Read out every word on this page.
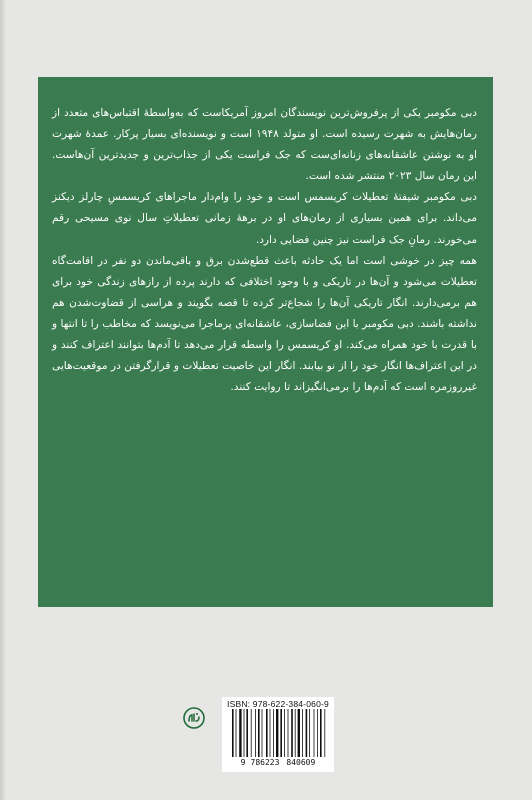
دبی مکومبر یکی از پرفروش‌ترین نویسندگان امروز آمریکاست که به‌واسطهٔ اقتباس‌های متعدد از رمان‌هایش به شهرت رسیده است. او متولد ۱۹۴۸ است و نویسنده‌ای بسیار پرکار. عمدهٔ شهرت او به نوشتن عاشقانه‌های زنانه‌ای‌ست که جک فراست یکی از جذاب‌ترین و جدیدترین آن‌هاست. این رمان سال ۲۰۲۳ منتشر شده است.

دبی مکومبر شیفتهٔ تعطیلات کریسمس است و خود را وام‌دار ماجراهای کریسمسِ چارلز دیکنز می‌داند. برای همین بسیاری از رمان‌های او در برههٔ زمانی تعطیلاتِ سال نوی مسیحی رقم می‌خورند. رمانِ جک فراست نیز چنین فضایی دارد.

همه چیز در خوشی است اما یک حادثه باعث قطع‌شدن برق و باقی‌ماندن دو نفر در اقامت‌گاه تعطیلات می‌شود و آن‌ها در تاریکی و با وجود اختلافی که دارند پرده از رازهای زندگی خود برای هم برمی‌دارند. انگار تاریکی آن‌ها را شجاع‌تر کرده تا قصه بگویند و هراسی از قضاوت‌شدن هم نداشته باشند. دبی مکومبر با این فضاسازی، عاشقانه‌ای پرماجرا می‌نویسد که مخاطب را تا انتها و با قدرت با خود همراه می‌کند. او کریسمس را واسطه قرار می‌دهد تا آدم‌ها بتوانند اعتراف کنند و در این اعتراف‌ها انگار خود را از نو بیابند. انگار این خاصیت تعطیلات و قرارگرفتن در موقعیت‌هایی غیرروزمره است که آدم‌ها را برمی‌انگیزاند تا روایت کنند.

ISBN: 978-622-384-060-9
9 786223 840609
